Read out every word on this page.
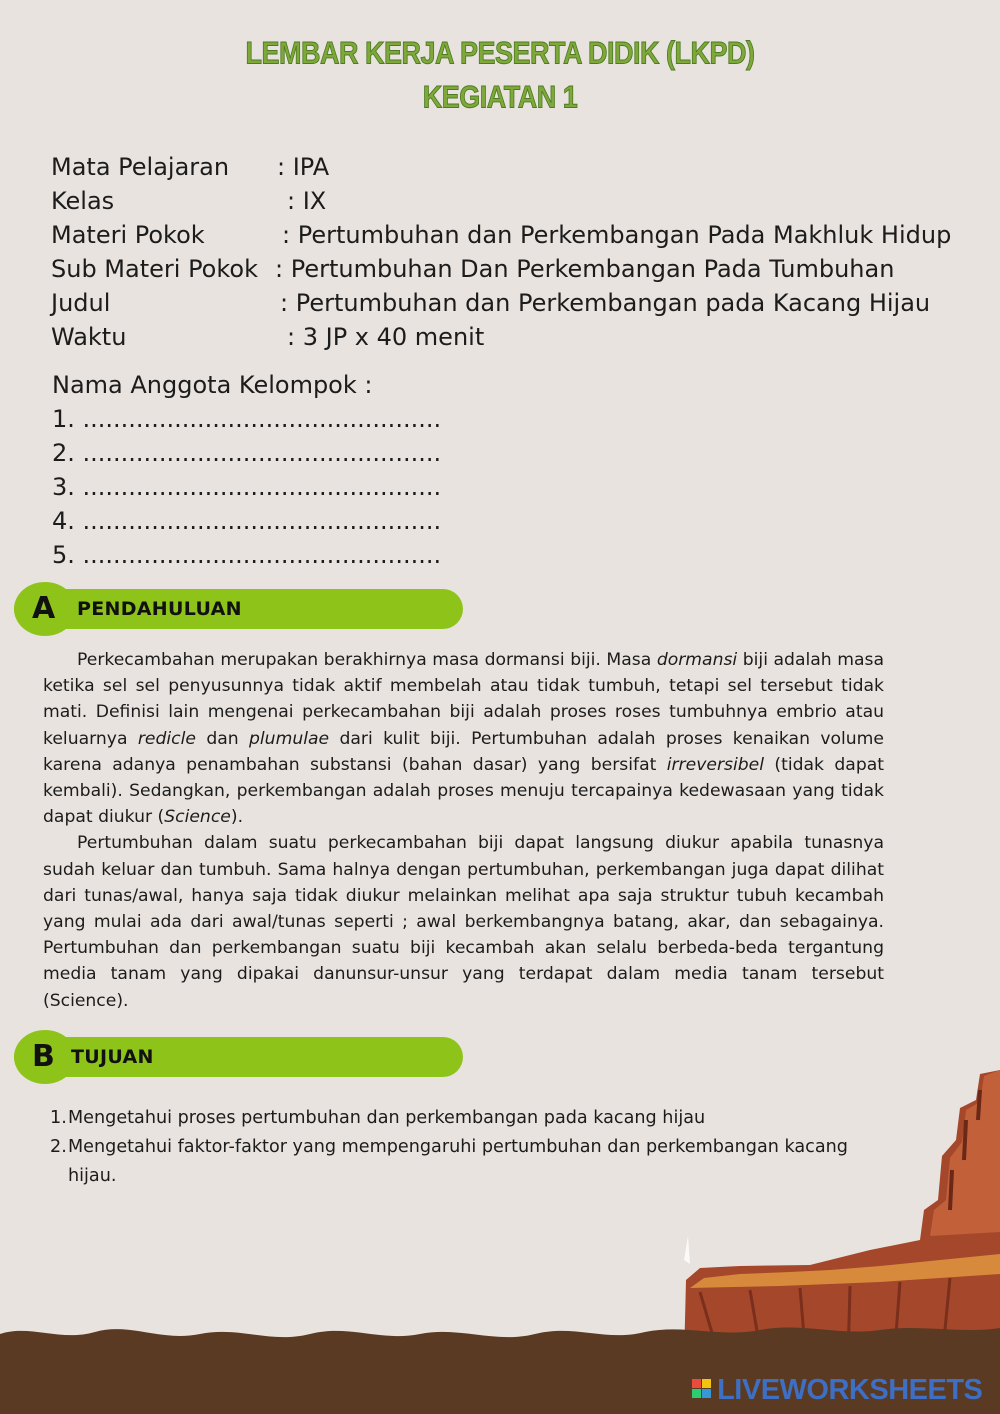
LEMBAR KERJA PESERTA DIDIK (LKPD)
KEGIATAN 1
Mata Pelajaran : IPA
Kelas	: IX
Materi Pokok	: Pertumbuhan dan Perkembangan Pada Makhluk Hidup
Sub Materi Pokok : Pertumbuhan Dan Perkembangan Pada Tumbuhan
Judul	: Pertumbuhan dan Perkembangan pada Kacang Hijau
Waktu	: 3 JP x 40 menit
Nama Anggota Kelompok :
1. ...............................................
2. ...............................................
3. ...............................................
4. ...............................................
5. ...............................................
A PENDAHULUAN

Perkecambahan merupakan berakhirnya masa dormansi biji. Masa dormansi biji adalah masa ketika sel sel penyusunnya tidak aktif membelah atau tidak tumbuh, tetapi sel tersebut tidak mati. Definisi lain mengenai perkecambahan biji adalah proses roses tumbuhnya embrio atau keluarnya redicle dan plumulae dari kulit biji. Pertumbuhan adalah proses kenaikan volume karena adanya penambahan substansi (bahan dasar) yang bersifat irreversibel (tidak dapat kembali). Sedangkan, perkembangan adalah proses menuju tercapainya kedewasaan yang tidak dapat diukur (Science).

Pertumbuhan dalam suatu perkecambahan biji dapat langsung diukur apabila tunasnya sudah keluar dan tumbuh. Sama halnya dengan pertumbuhan, perkembangan juga dapat dilihat dari tunas/awal, hanya saja tidak diukur melainkan melihat apa saja struktur tubuh kecambah yang mulai ada dari awal/tunas seperti ; awal berkembangnya batang, akar, dan sebagainya. Pertumbuhan dan perkembangan suatu biji kecambah akan selalu berbeda-beda tergantung media tanam yang dipakai danunsur-unsur yang terdapat dalam media tanam tersebut (Science).

B TUJUAN
1. Mengetahui proses pertumbuhan dan perkembangan pada kacang hijau
2. Mengetahui faktor-faktor yang mempengaruhi pertumbuhan dan perkembangan kacang hijau.
LIVEWORKSHEETS
